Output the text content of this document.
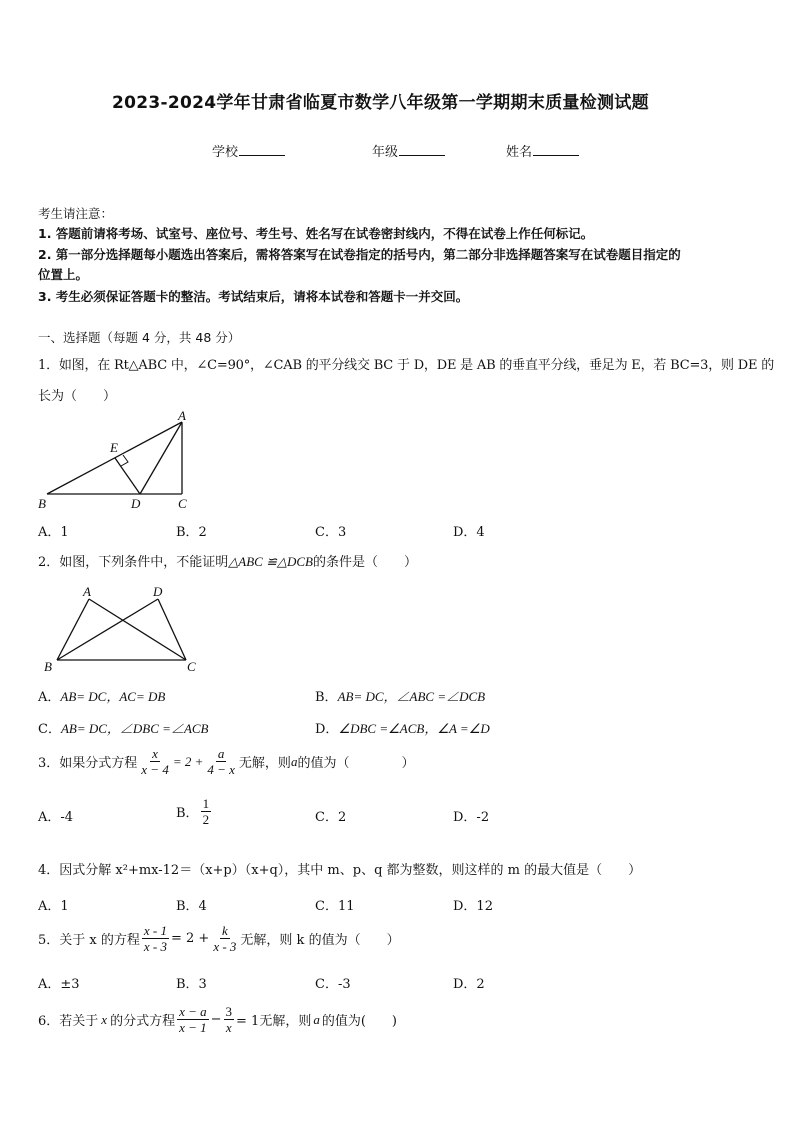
2023-2024学年甘肃省临夏市数学八年级第一学期期末质量检测试题
学校	年级	姓名
考生请注意：
1. 答题前请将考场、试室号、座位号、考生号、姓名写在试卷密封线内，不得在试卷上作任何标记。
2. 第一部分选择题每小题选出答案后，需将答案写在试卷指定的括号内，第二部分非选择题答案写在试卷题目指定的
位置上。
3. 考生必须保证答题卡的整洁。考试结束后，请将本试卷和答题卡一并交回。
一、选择题（每题 4 分，共 48 分）
1．如图，在 Rt△ABC 中，∠C=90°，∠CAB 的平分线交 BC 于 D，DE 是 AB 的垂直平分线，垂足为 E，若 BC=3，则 DE 的
长为（　　）
A
E
B	D	C
A．1	B．2	C．3	D．4
2．如图，下列条件中，不能证明△ABC ≌△DCB的条件是（　　）
A	D
B	C
A．AB= DC，AC= DB	B．AB= DC，∠ABC =∠DCB
C．AB= DC，∠DBC =∠ACB	D．∠DBC =∠ACB，∠A =∠D
3．如果分式方程 $\frac{x}{x - 4} = 2 + \frac{a}{4 - x}$ 无解，则 a 的值为（　　　　）
A．-4	B． $\frac{1}{2}$	C．2	D．-2
4．因式分解 x²+mx-12＝（x+p）（x+q），其中 m、p、q 都为整数，则这样的 m 的最大值是（　　）
A．1	B．4	C．11	D．12
5．关于 x 的方程 $\frac{x - 1}{x - 3} = 2 + \frac{k}{x - 3}$ 无解，则 k 的值为（　　）
A．±3	B．3	C．-3	D．2
6．若关于 x 的分式方程 $\frac{x - a}{x - 1} - \frac{3}{x} = 1$无解，则 a 的值为(　　)
